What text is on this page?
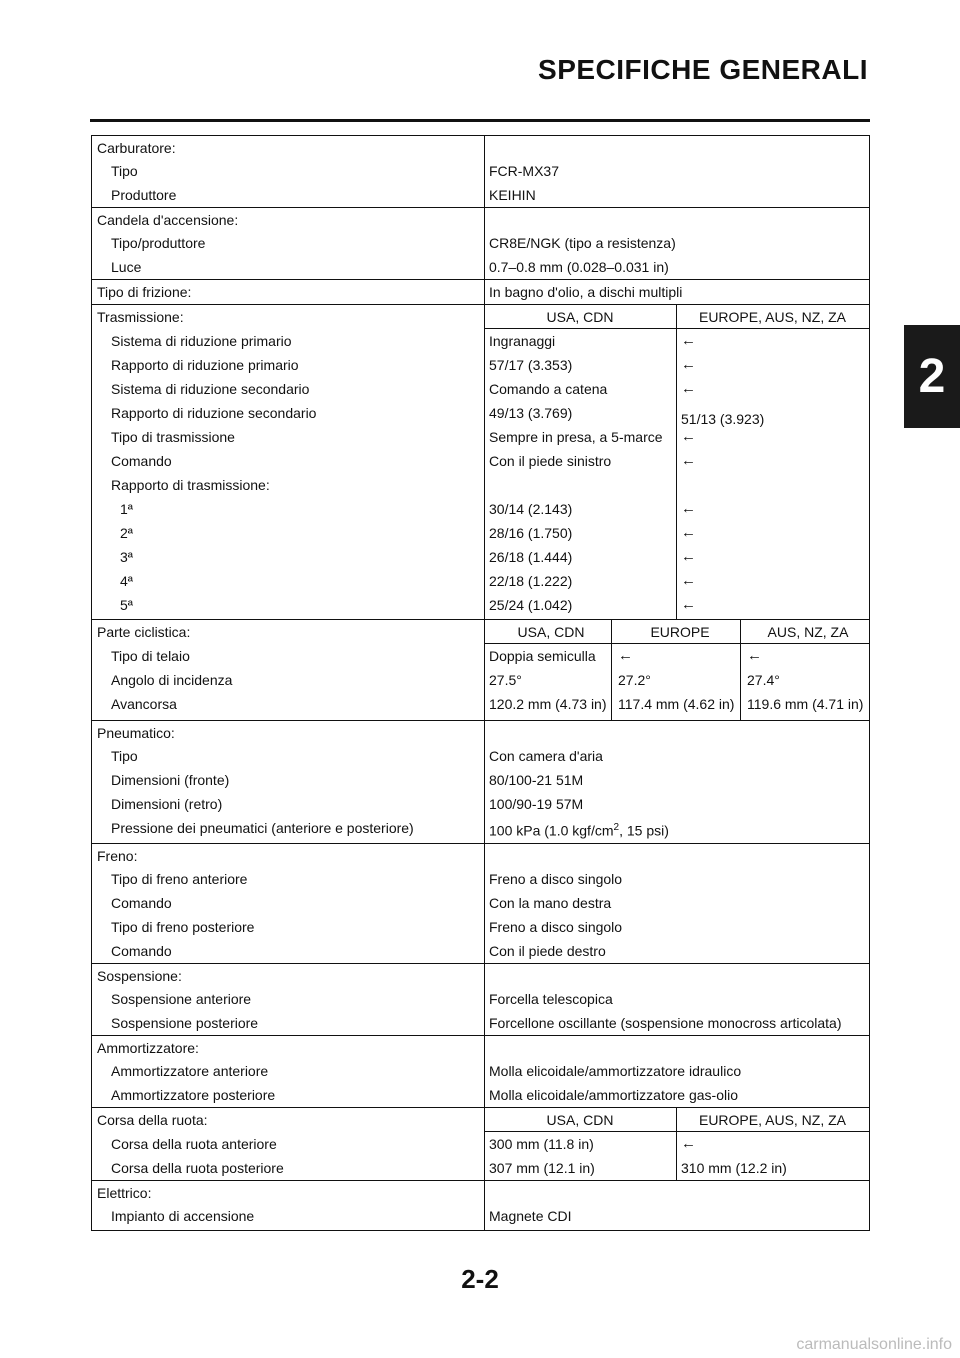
SPECIFICHE GENERALI
2
Carburatore:
Tipo	FCR-MX37
Produttore	KEIHIN
Candela d'accensione:
Tipo/produttore	CR8E/NGK (tipo a resistenza)
Luce	0.7–0.8 mm (0.028–0.031 in)
Tipo di frizione:	In bagno d'olio, a dischi multipli
Trasmissione:	USA, CDN	EUROPE, AUS, NZ, ZA
Sistema di riduzione primario	Ingranaggi	←
Rapporto di riduzione primario	57/17 (3.353)	←
Sistema di riduzione secondario	Comando a catena	←
Rapporto di riduzione secondario	49/13 (3.769)	51/13 (3.923)
Tipo di trasmissione	Sempre in presa, a 5-marce	←
Comando	Con il piede sinistro	←
Rapporto di trasmissione:
1ª	30/14 (2.143)	←
2ª	28/16 (1.750)	←
3ª	26/18 (1.444)	←
4ª	22/18 (1.222)	←
5ª	25/24 (1.042)	←
Parte ciclistica:	USA, CDN	EUROPE	AUS, NZ, ZA
Tipo di telaio	Doppia semiculla	←	←
Angolo di incidenza	27.5°	27.2°	27.4°
Avancorsa	120.2 mm (4.73 in) 117.4 mm (4.62 in) 119.6 mm (4.71 in)
Pneumatico:
Tipo	Con camera d'aria
Dimensioni (fronte)	80/100-21 51M
Dimensioni (retro)	100/90-19 57M
Pressione dei pneumatici (anteriore e posteriore)	100 kPa (1.0 kgf/$cm^2$, 15 psi)
Freno:
Tipo di freno anteriore	Freno a disco singolo
Comando	Con la mano destra
Tipo di freno posteriore	Freno a disco singolo
Comando	Con il piede destro
Sospensione:
Sospensione anteriore	Forcella telescopica
Sospensione posteriore	Forcellone oscillante (sospensione monocross articolata)
Ammortizzatore:
Ammortizzatore anteriore	Molla elicoidale/ammortizzatore idraulico
Ammortizzatore posteriore	Molla elicoidale/ammortizzatore gas-olio
Corsa della ruota:	USA, CDN	EUROPE, AUS, NZ, ZA
Corsa della ruota anteriore	300 mm (11.8 in)	←
Corsa della ruota posteriore	307 mm (12.1 in)	310 mm (12.2 in)
Elettrico:
Impianto di accensione	Magnete CDI
2-2
carmanualsonline.info
